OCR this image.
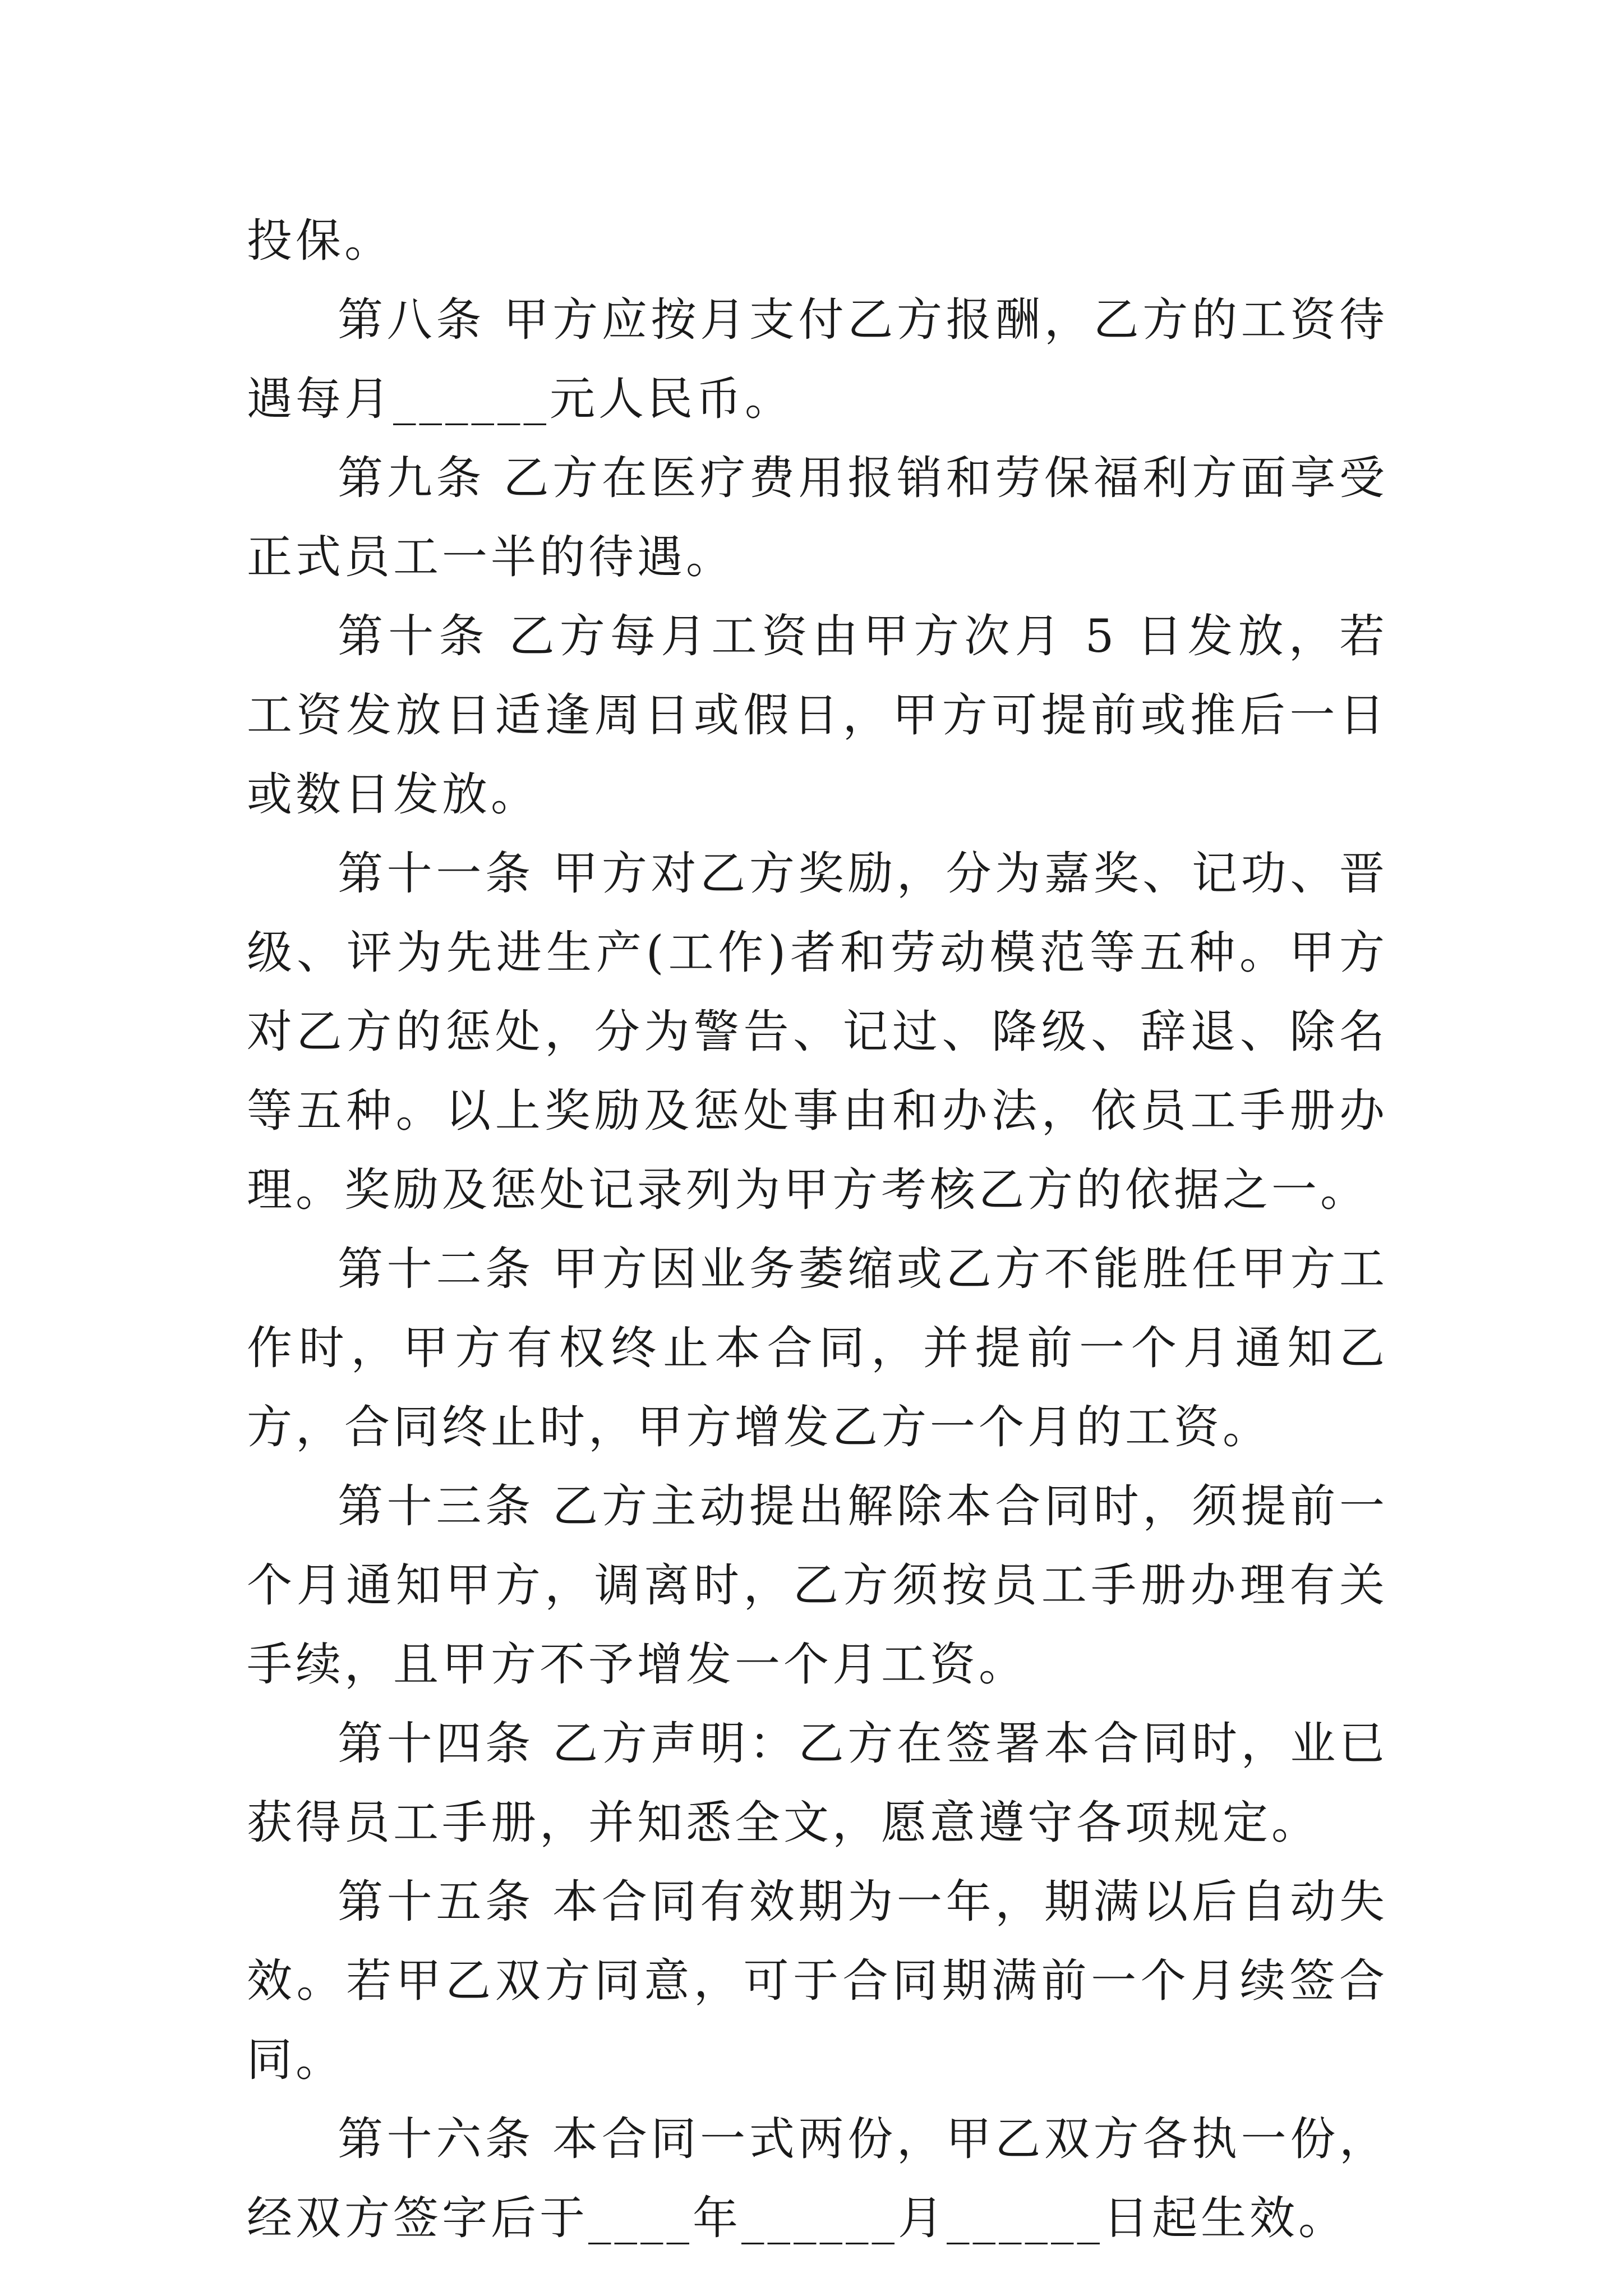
投保。

第八条 甲方应按月支付乙方报酬，乙方的工资待遇每月______元人民币。

第九条 乙方在医疗费用报销和劳保福利方面享受正式员工一半的待遇。

第十条 乙方每月工资由甲方次月 5 日发放，若工资发放日适逢周日或假日，甲方可提前或推后一日或数日发放。

第十一条 甲方对乙方奖励，分为嘉奖、记功、晋级、评为先进生产(工作)者和劳动模范等五种。甲方对乙方的惩处，分为警告、记过、降级、辞退、除名等五种。以上奖励及惩处事由和办法，依员工手册办理。奖励及惩处记录列为甲方考核乙方的依据之一。

第十二条 甲方因业务萎缩或乙方不能胜任甲方工作时，甲方有权终止本合同，并提前一个月通知乙方，合同终止时，甲方增发乙方一个月的工资。

第十三条 乙方主动提出解除本合同时，须提前一个月通知甲方，调离时，乙方须按员工手册办理有关手续，且甲方不予增发一个月工资。

第十四条 乙方声明：乙方在签署本合同时，业已获得员工手册，并知悉全文，愿意遵守各项规定。

第十五条 本合同有效期为一年，期满以后自动失效。若甲乙双方同意，可于合同期满前一个月续签合同。

第十六条 本合同一式两份，甲乙双方各执一份，经双方签字后于____年______月______日起生效。
